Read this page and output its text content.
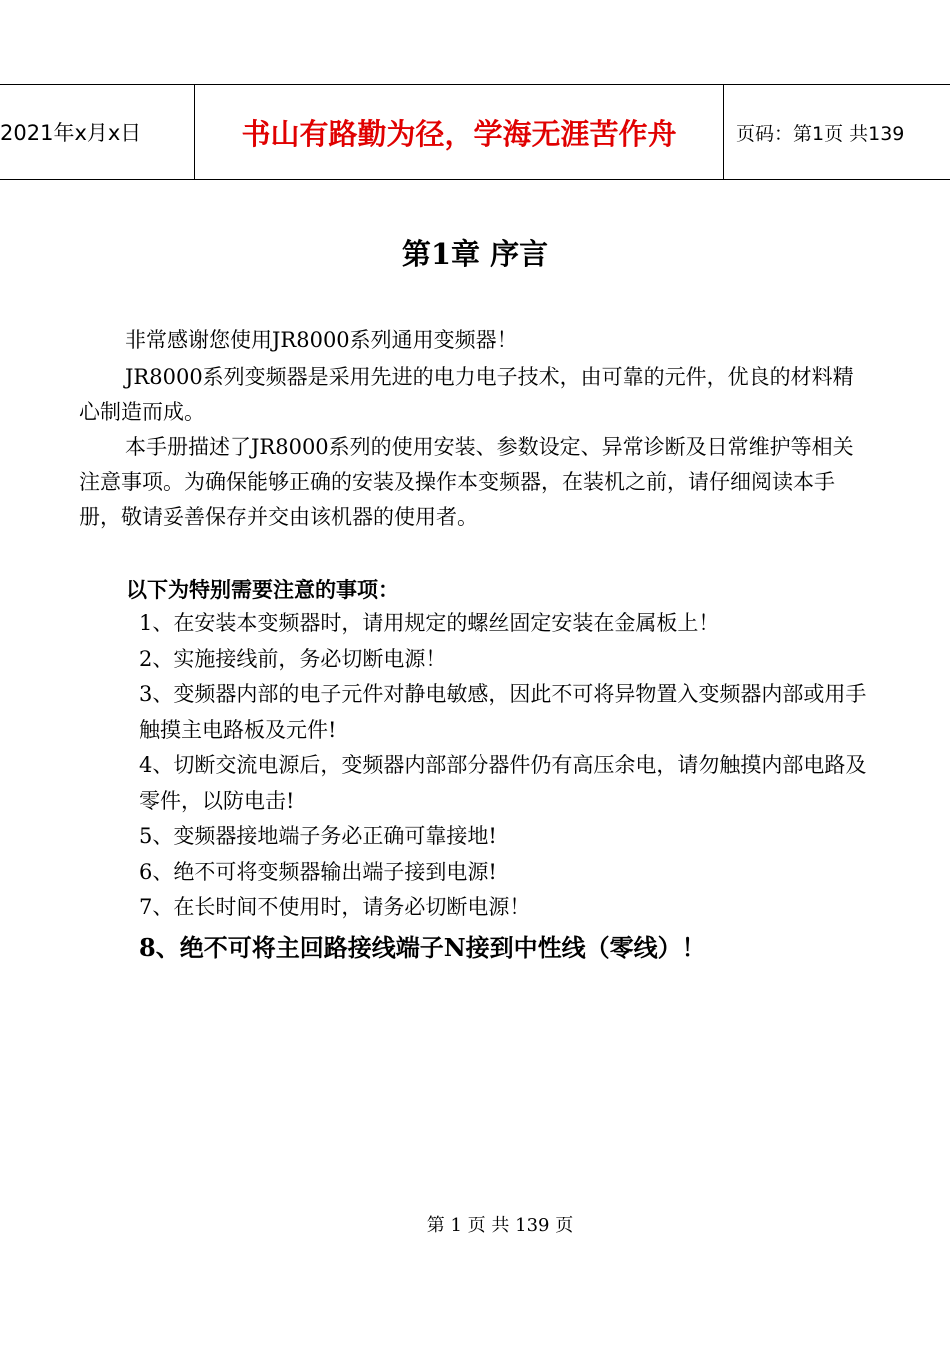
2021年x月x日	书山有路勤为径，学海无涯苦作舟	页码：第1页 共139
第1章 序言
非常感谢您使用JR8000系列通用变频器！
JR8000系列变频器是采用先进的电力电子技术，由可靠的元件，优良的材料精心制造而成。
本手册描述了JR8000系列的使用安装、参数设定、异常诊断及日常维护等相关注意事项。为确保能够正确的安装及操作本变频器，在装机之前，请仔细阅读本手册，敬请妥善保存并交由该机器的使用者。
以下为特别需要注意的事项：

1、在安装本变频器时，请用规定的螺丝固定安装在金属板上！

2、实施接线前，务必切断电源！

3、变频器内部的电子元件对静电敏感，因此不可将异物置入变频器内部或用手触摸主电路板及元件!

4、切断交流电源后，变频器内部部分器件仍有高压余电，请勿触摸内部电路及零件，以防电击!

5、变频器接地端子务必正确可靠接地!

6、绝不可将变频器输出端子接到电源!

7、在长时间不使用时，请务必切断电源！

8、绝不可将主回路接线端子N接到中性线（零线）！

第 1 页 共 139 页
